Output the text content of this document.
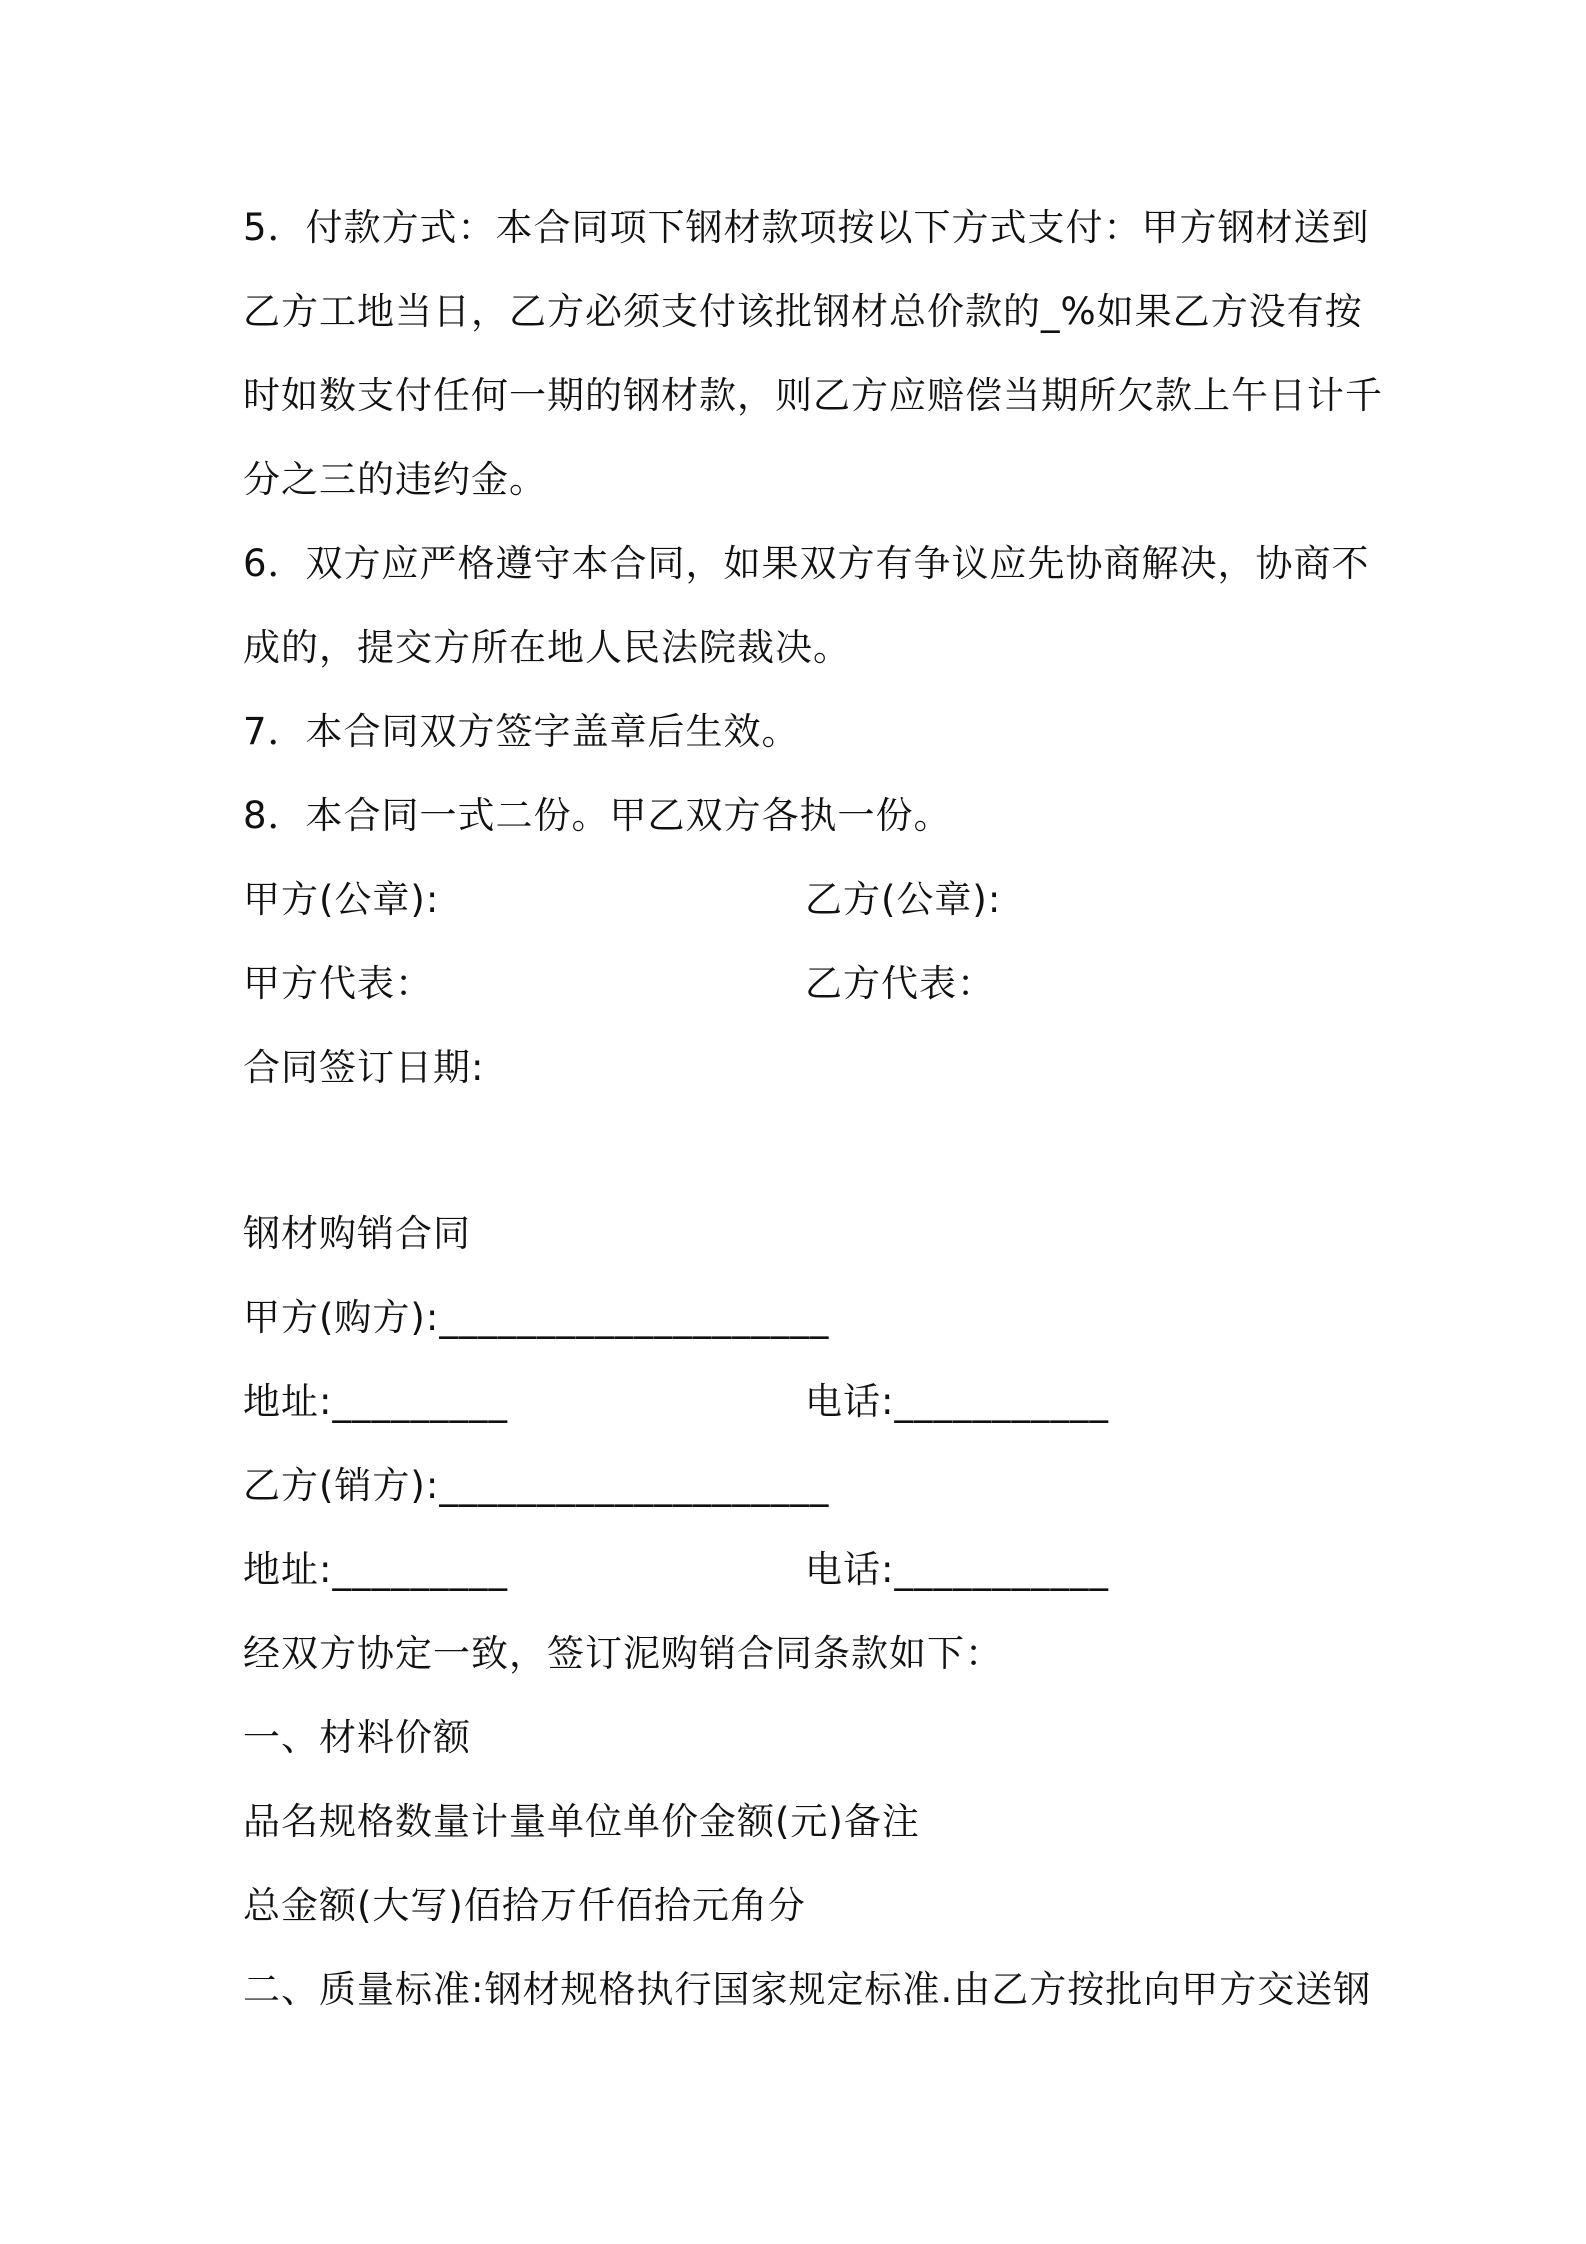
5．付款方式：本合同项下钢材款项按以下方式支付：甲方钢材送到
乙方工地当日，乙方必须支付该批钢材总价款的_%如果乙方没有按
时如数支付任何一期的钢材款，则乙方应赔偿当期所欠款上午日计千
分之三的违约金。
6．双方应严格遵守本合同，如果双方有争议应先协商解决，协商不
成的，提交方所在地人民法院裁决。
7．本合同双方签字盖章后生效。
8．本合同一式二份。甲乙双方各执一份。
甲方(公章):	乙方(公章):
甲方代表：	乙方代表：
合同签订日期:
钢材购销合同
甲方(购方):____________________
地址:_________	电话:___________
乙方(销方):____________________
地址:_________	电话:___________
经双方协定一致，签订泥购销合同条款如下：
一、材料价额
品名规格数量计量单位单价金额(元)备注
总金额(大写)佰拾万仟佰拾元角分
二、质量标准:钢材规格执行国家规定标准.由乙方按批向甲方交送钢
